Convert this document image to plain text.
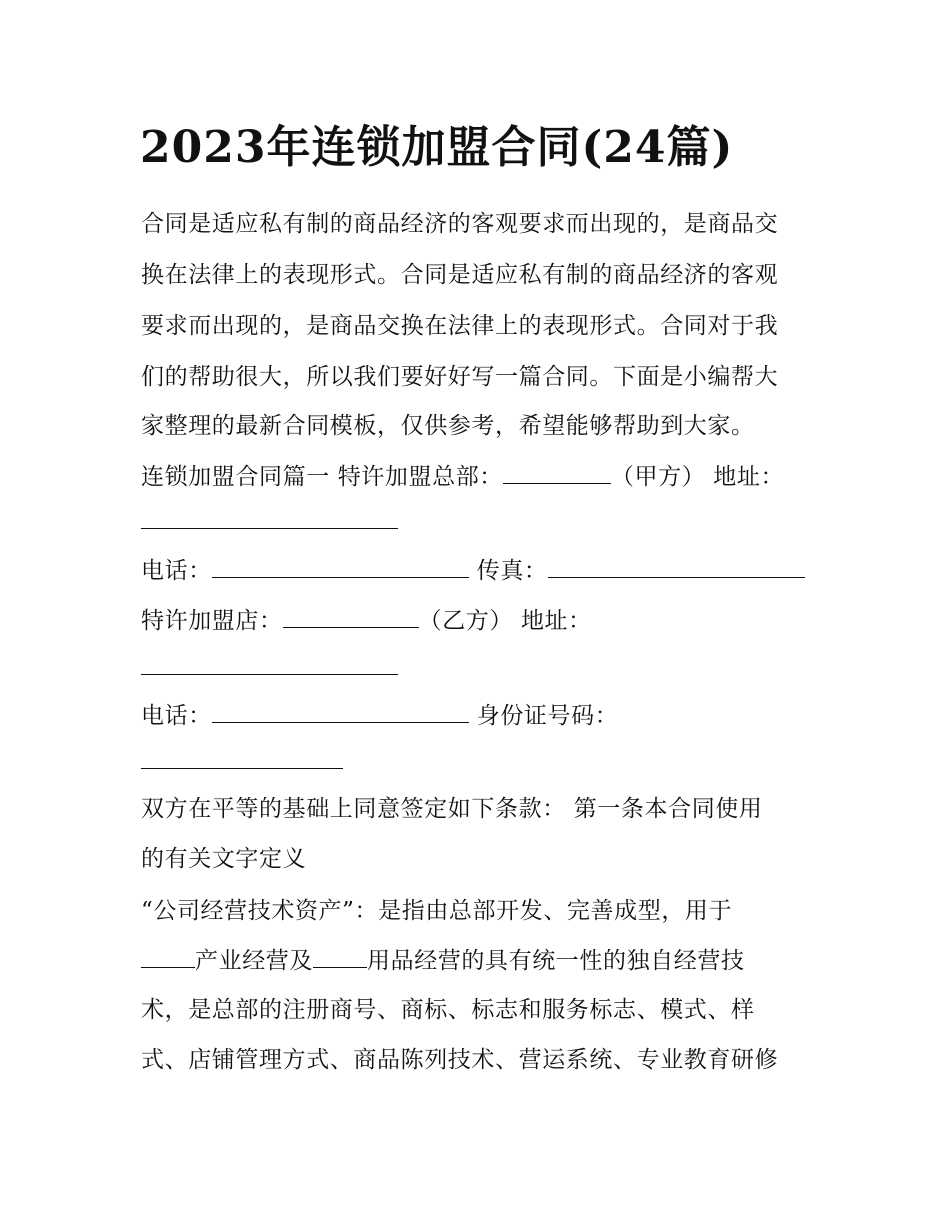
2023年连锁加盟合同(24篇)
合同是适应私有制的商品经济的客观要求而出现的，是商品交
换在法律上的表现形式。合同是适应私有制的商品经济的客观
要求而出现的，是商品交换在法律上的表现形式。合同对于我
们的帮助很大，所以我们要好好写一篇合同。下面是小编帮大
家整理的最新合同模板，仅供参考，希望能够帮助到大家。
连锁加盟合同篇一 特许加盟总部：	（甲方） 地址：
电话：	传真：
特许加盟店：	（乙方） 地址：
电话：	身份证号码：
双方在平等的基础上同意签定如下条款： 第一条本合同使用
的有关文字定义
“公司经营技术资产”：是指由总部开发、完善成型，用于
产业经营及 用品经营的具有统一性的独自经营技
术，是总部的注册商号、商标、标志和服务标志、模式、样
式、店铺管理方式、商品陈列技术、营运系统、专业教育研修
